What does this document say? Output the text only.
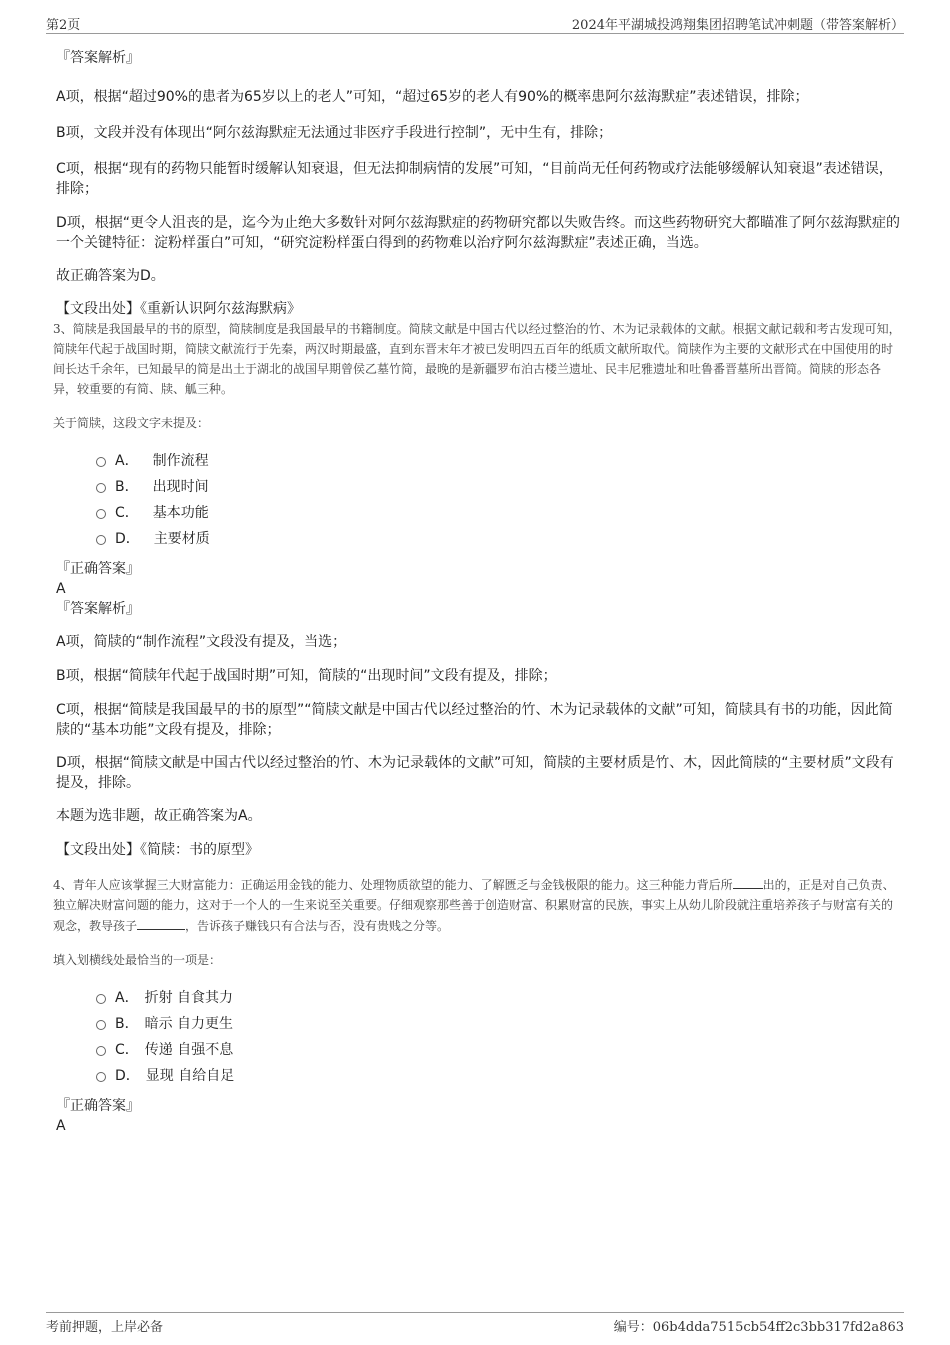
第2页	2024年平湖城投鸿翔集团招聘笔试冲刺题（带答案解析）

『答案解析』

A项，根据“超过90%的患者为65岁以上的老人”可知，“超过65岁的老人有90%的概率患阿尔兹海默症”表述错误，排除；

B项，文段并没有体现出“阿尔兹海默症无法通过非医疗手段进行控制”，无中生有，排除；

C项，根据“现有的药物只能暂时缓解认知衰退，但无法抑制病情的发展”可知，“目前尚无任何药物或疗法能够缓解认知衰退”表述错误，排除；

D项，根据“更令人沮丧的是，迄今为止绝大多数针对阿尔兹海默症的药物研究都以失败告终。而这些药物研究大都瞄准了阿尔兹海默症的一个关键特征：淀粉样蛋白”可知，“研究淀粉样蛋白得到的药物难以治疗阿尔兹海默症”表述正确，当选。

故正确答案为D。

【文段出处】《重新认识阿尔兹海默病》

3、简牍是我国最早的书的原型，简牍制度是我国最早的书籍制度。简牍文献是中国古代以经过整治的竹、木为记录载体的文献。根据文献记载和考古发现可知，简牍年代起于战国时期，简牍文献流行于先秦，两汉时期最盛，直到东晋末年才被已发明四五百年的纸质文献所取代。简牍作为主要的文献形式在中国使用的时间长达千余年，已知最早的简是出土于湖北的战国早期曾侯乙墓竹简，最晚的是新疆罗布泊古楼兰遗址、民丰尼雅遗址和吐鲁番晋墓所出晋简。简牍的形态各异，较重要的有简、牍、觚三种。

关于简牍，这段文字未提及：

A． 制作流程
B． 出现时间
C． 基本功能
D． 主要材质

『正确答案』

A

『答案解析』

A项，简牍的“制作流程”文段没有提及，当选；

B项，根据“简牍年代起于战国时期”可知，简牍的“出现时间”文段有提及，排除；

C项，根据“简牍是我国最早的书的原型”“简牍文献是中国古代以经过整治的竹、木为记录载体的文献”可知，简牍具有书的功能，因此简牍的“基本功能”文段有提及，排除；

D项，根据“简牍文献是中国古代以经过整治的竹、木为记录载体的文献”可知，简牍的主要材质是竹、木，因此简牍的“主要材质”文段有提及，排除。

本题为选非题，故正确答案为A。

【文段出处】《简牍：书的原型》

4、青年人应该掌握三大财富能力：正确运用金钱的能力、处理物质欲望的能力、了解匮乏与金钱极限的能力。这三种能力背后所	出的，正是对自己负责、独立解决财富问题的能力，这对于一个人的一生来说至关重要。仔细观察那些善于创造财富、积累财富的民族，事实上从幼儿阶段就注重培养孩子与财富有关的观念，教导孩子	，告诉孩子赚钱只有合法与否，没有贵贱之分等。

填入划横线处最恰当的一项是：

A． 折射 自食其力
B． 暗示 自力更生
C． 传递 自强不息
D． 显现 自给自足

『正确答案』

A

考前押题，上岸必备	编号：06b4dda7515cb54ff2c3bb317fd2a863
